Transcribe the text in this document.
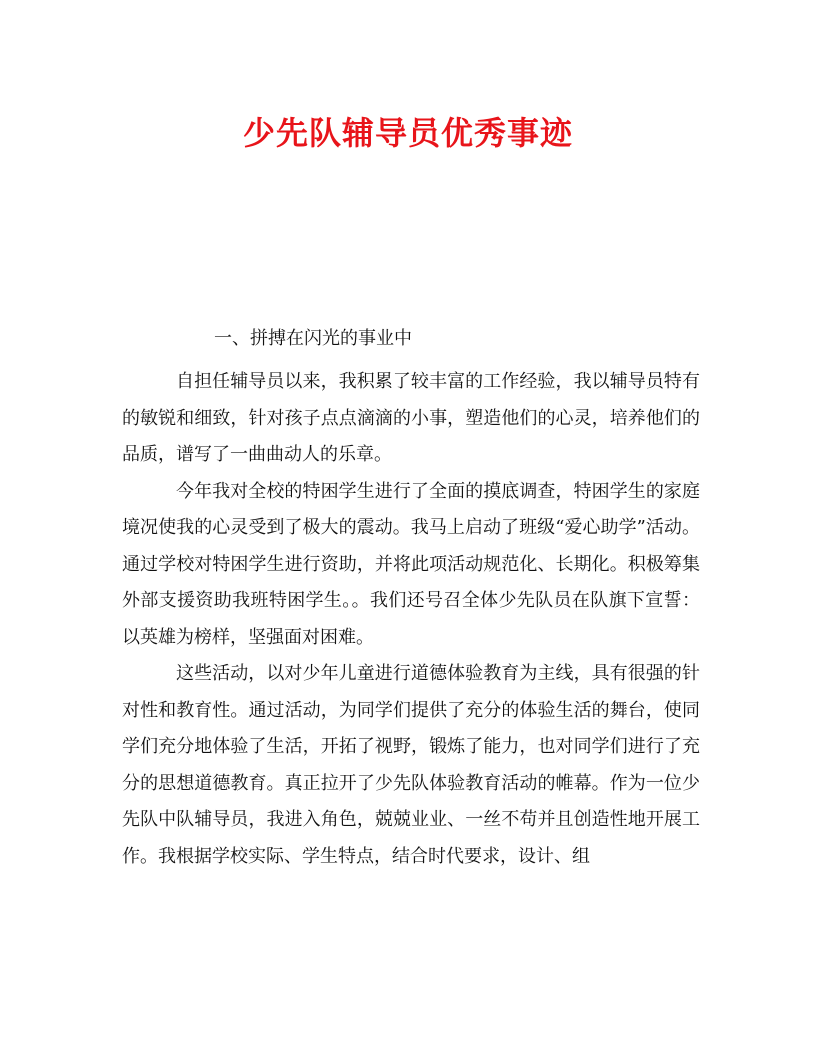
少先队辅导员优秀事迹
一、拼搏在闪光的事业中

自担任辅导员以来，我积累了较丰富的工作经验，我以辅导员特有的敏锐和细致，针对孩子点点滴滴的小事，塑造他们的心灵，培养他们的品质，谱写了一曲曲动人的乐章。

今年我对全校的特困学生进行了全面的摸底调查，特困学生的家庭境况使我的心灵受到了极大的震动。我马上启动了班级“爱心助学”活动。通过学校对特困学生进行资助，并将此项活动规范化、长期化。积极筹集外部支援资助我班特困学生。。我们还号召全体少先队员在队旗下宣誓：以英雄为榜样，坚强面对困难。

这些活动，以对少年儿童进行道德体验教育为主线，具有很强的针对性和教育性。通过活动，为同学们提供了充分的体验生活的舞台，使同学们充分地体验了生活，开拓了视野，锻炼了能力，也对同学们进行了充分的思想道德教育。真正拉开了少先队体验教育活动的帷幕。作为一位少先队中队辅导员，我进入角色，兢兢业业、一丝不苟并且创造性地开展工作。我根据学校实际、学生特点，结合时代要求，设计、组
